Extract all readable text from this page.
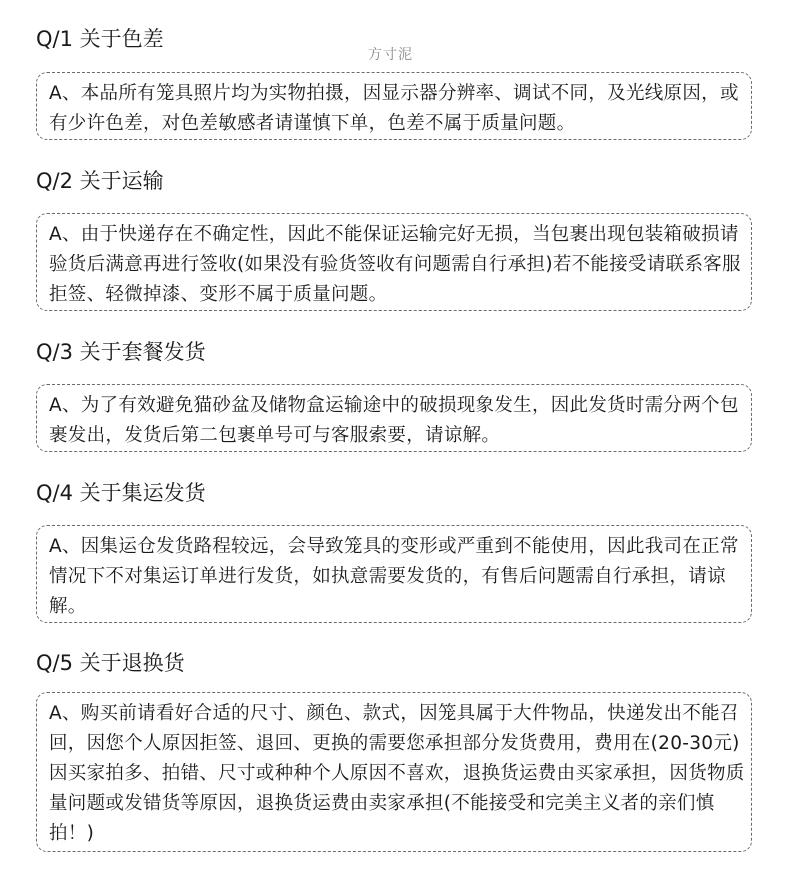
方寸泥
Q/1 关于色差
A、本品所有笼具照片均为实物拍摄，因显示器分辨率、调试不同，及光线原因，或有少许色差，对色差敏感者请谨慎下单，色差不属于质量问题。
Q/2 关于运输
A、由于快递存在不确定性，因此不能保证运输完好无损，当包裹出现包装箱破损请验货后满意再进行签收(如果没有验货签收有问题需自行承担)若不能接受请联系客服拒签、轻微掉漆、变形不属于质量问题。
Q/3 关于套餐发货
A、为了有效避免猫砂盆及储物盒运输途中的破损现象发生，因此发货时需分两个包裹发出，发货后第二包裹单号可与客服索要，请谅解。
Q/4 关于集运发货
A、因集运仓发货路程较远，会导致笼具的变形或严重到不能使用，因此我司在正常情况下不对集运订单进行发货，如执意需要发货的，有售后问题需自行承担，请谅解。
Q/5 关于退换货
A、购买前请看好合适的尺寸、颜色、款式，因笼具属于大件物品，快递发出不能召回，因您个人原因拒签、退回、更换的需要您承担部分发货费用，费用在(20-30元)因买家拍多、拍错、尺寸或种种个人原因不喜欢，退换货运费由买家承担，因货物质量问题或发错货等原因，退换货运费由卖家承担(不能接受和完美主义者的亲们慎拍！)
